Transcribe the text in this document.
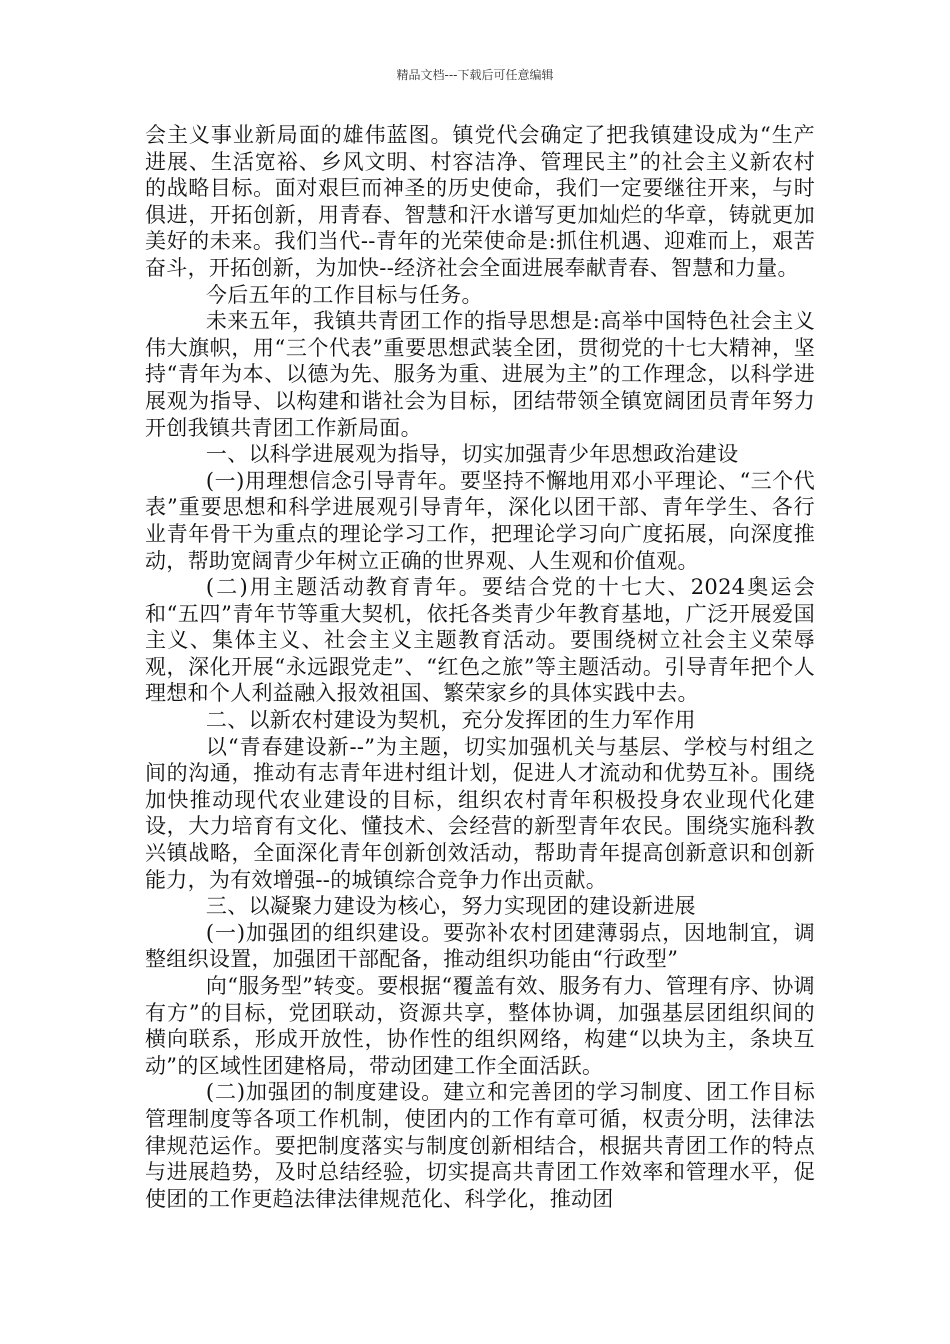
精品文档---下载后可任意编辑

会主义事业新局面的雄伟蓝图。镇党代会确定了把我镇建设成为“生产进展、生活宽裕、乡风文明、村容洁净、管理民主”的社会主义新农村的战略目标。面对艰巨而神圣的历史使命，我们一定要继往开来，与时俱进，开拓创新，用青春、智慧和汗水谱写更加灿烂的华章，铸就更加美好的未来。我们当代--青年的光荣使命是:抓住机遇、迎难而上，艰苦奋斗，开拓创新，为加快--经济社会全面进展奉献青春、智慧和力量。

今后五年的工作目标与任务。

未来五年，我镇共青团工作的指导思想是:高举中国特色社会主义伟大旗帜，用“三个代表”重要思想武装全团，贯彻党的十七大精神，坚持“青年为本、以德为先、服务为重、进展为主”的工作理念，以科学进展观为指导、以构建和谐社会为目标，团结带领全镇宽阔团员青年努力开创我镇共青团工作新局面。

一、以科学进展观为指导，切实加强青少年思想政治建设

(一)用理想信念引导青年。要坚持不懈地用邓小平理论、“三个代表”重要思想和科学进展观引导青年，深化以团干部、青年学生、各行业青年骨干为重点的理论学习工作，把理论学习向广度拓展，向深度推动，帮助宽阔青少年树立正确的世界观、人生观和价值观。

(二)用主题活动教育青年。要结合党的十七大、2024奥运会和“五四”青年节等重大契机，依托各类青少年教育基地，广泛开展爱国主义、集体主义、社会主义主题教育活动。要围绕树立社会主义荣辱观，深化开展“永远跟党走”、“红色之旅”等主题活动。引导青年把个人理想和个人利益融入报效祖国、繁荣家乡的具体实践中去。

二、以新农村建设为契机，充分发挥团的生力军作用

以“青春建设新--”为主题，切实加强机关与基层、学校与村组之间的沟通，推动有志青年进村组计划，促进人才流动和优势互补。围绕加快推动现代农业建设的目标，组织农村青年积极投身农业现代化建设，大力培育有文化、懂技术、会经营的新型青年农民。围绕实施科教兴镇战略，全面深化青年创新创效活动，帮助青年提高创新意识和创新能力，为有效增强--的城镇综合竞争力作出贡献。

三、以凝聚力建设为核心，努力实现团的建设新进展

(一)加强团的组织建设。要弥补农村团建薄弱点，因地制宜，调整组织设置，加强团干部配备，推动组织功能由“行政型”

向“服务型”转变。要根据“覆盖有效、服务有力、管理有序、协调有方”的目标，党团联动，资源共享，整体协调，加强基层团组织间的横向联系，形成开放性，协作性的组织网络，构建“以块为主，条块互动”的区域性团建格局，带动团建工作全面活跃。

(二)加强团的制度建设。建立和完善团的学习制度、团工作目标管理制度等各项工作机制，使团内的工作有章可循，权责分明，法律法律规范运作。要把制度落实与制度创新相结合，根据共青团工作的特点与进展趋势，及时总结经验，切实提高共青团工作效率和管理水平，促使团的工作更趋法律法律规范化、科学化，推动团
